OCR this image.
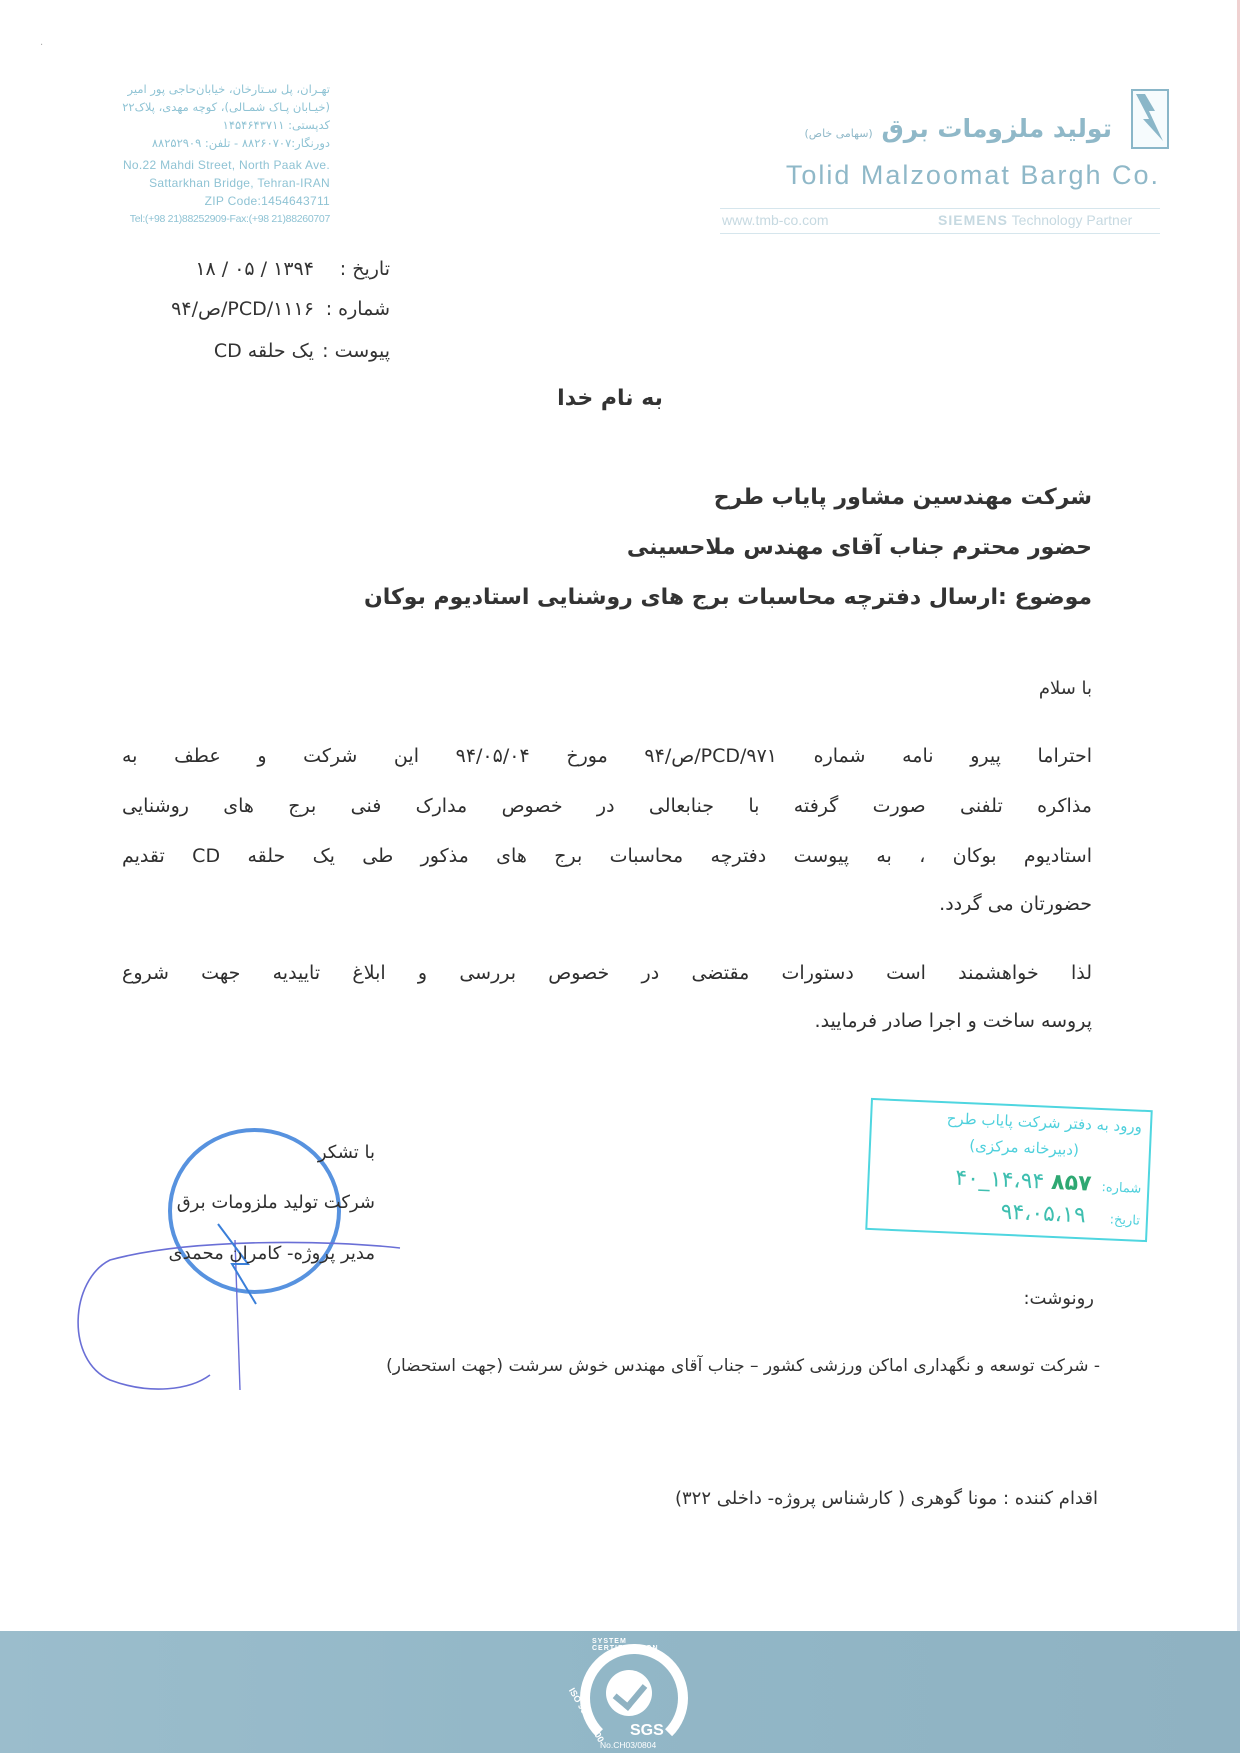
·
تهـران، پل سـتارخان، خیابان‌حاجی پور امیر
(خیـابان پـاک شمـالی)، کوچه مهدی، پلاک۲۲
کدپستی: ۱۴۵۴۶۴۳۷۱۱
دورنگار:۸۸۲۶۰۷۰۷ - تلفن: ۸۸۲۵۲۹۰۹
No.22 Mahdi Street, North Paak Ave.
Sattarkhan Bridge, Tehran-IRAN
ZIP Code:1454643711
Tel:(+98 21)88252909-Fax:(+98 21)88260707
تولید ملزومات برق (سهامی خاص)
Tolid Malzoomat Bargh Co.
www.tmb-co.com	SIEMENS Technology Partner
تاریخ : ۱۳۹۴ / ۰۵ / ۱۸
شماره : PCD/۱۱۱۶/ص/۹۴
پیوست : یک حلقه CD
به نام خدا
شرکت مهندسین مشاور پایاب طرح
حضور محترم جناب آقای مهندس ملاحسینی
موضوع :ارسال دفترچه محاسبات برج های روشنایی استادیوم بوکان
با سلام
احتراما پیرو نامه شماره PCD/۹۷۱/ص/۹۴ مورخ ۹۴/۰۵/۰۴ این شرکت و عطف به
مذاکره تلفنی صورت گرفته با جنابعالی در خصوص مدارک فنی برج های روشنایی
استادیوم بوکان ، به پیوست دفترچه محاسبات برج های مذکور طی یک حلقه CD تقدیم
حضورتان می گردد.
لذا خواهشمند است دستورات مقتضی در خصوص بررسی و ابلاغ تاییدیه جهت شروع
پروسه ساخت و اجرا صادر فرمایید.
ورود به دفتر شرکت پایاب طرح
(دبیرخانه مرکزی)
شماره: ۸۵۷ ۱۴،۹۴_۴۰
تاریخ: ۹۴،۰۵،۱۹
با تشکر
شرکت تولید ملزومات برق
مدیر پروژه- کامران محمدی
رونوشت:
- شرکت توسعه و نگهداری اماکن ورزشی کشور – جناب آقای مهندس خوش سرشت (جهت استحضار)
اقدام کننده : مونا گوهری ( کارشناس پروژه- داخلی ۳۲۲)
SYSTEM CERTIFICATION
ISO 9001:2000 SGS
No.CH03/0804
